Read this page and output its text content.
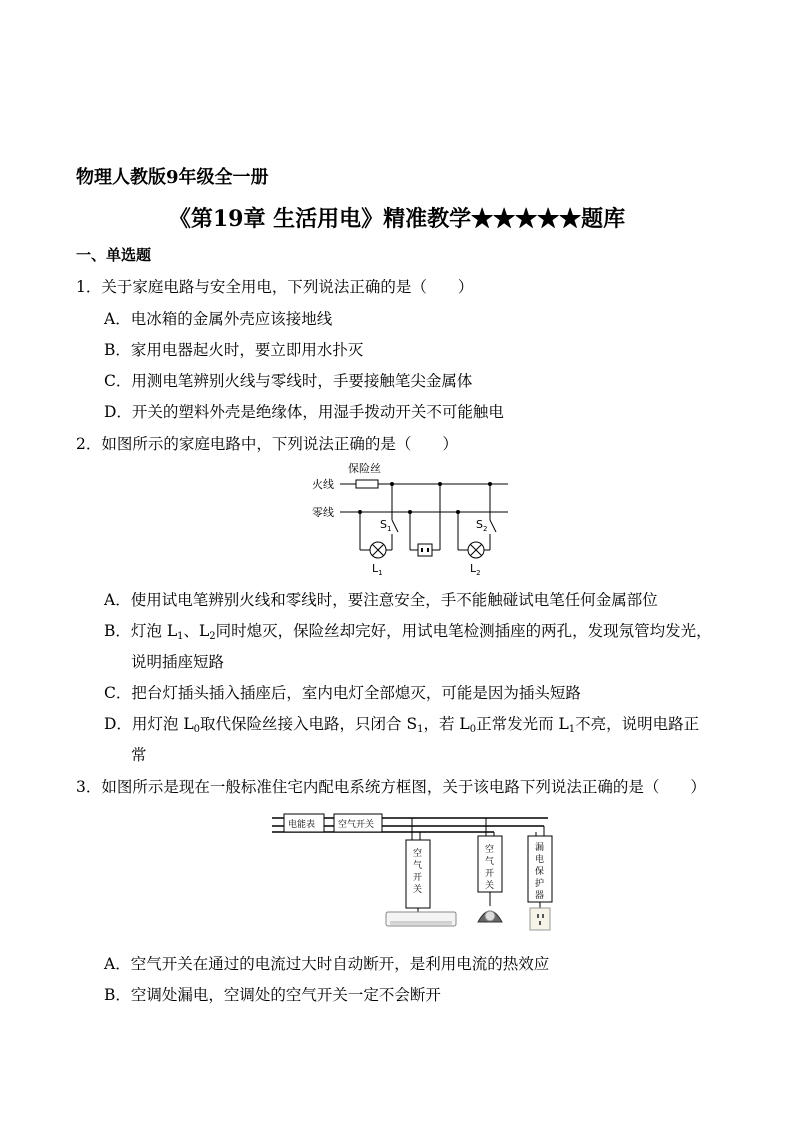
物理人教版9年级全一册
《第19章 生活用电》精准教学★★★★★题库
一、单选题
1．关于家庭电路与安全用电，下列说法正确的是（　　）
A．电冰箱的金属外壳应该接地线
B．家用电器起火时，要立即用水扑灭
C．用测电笔辨别火线与零线时，手要接触笔尖金属体
D．开关的塑料外壳是绝缘体，用湿手拨动开关不可能触电
2．如图所示的家庭电路中，下列说法正确的是（　　）
保险丝
火线
零线
$S_1$
$L_1$
$S_2$
$L_2$
A．使用试电笔辨别火线和零线时，要注意安全，手不能触碰试电笔任何金属部位
B．灯泡 $L_1$、$L_2$同时熄灭，保险丝却完好，用试电笔检测插座的两孔，发现氖管均发光，
说明插座短路
C．把台灯插头插入插座后，室内电灯全部熄灭，可能是因为插头短路
D．用灯泡 $L_0$取代保险丝接入电路，只闭合 $S_1$，若 $L_0$正常发光而 $L_1$不亮，说明电路正
常
3．如图所示是现在一般标准住宅内配电系统方框图，关于该电路下列说法正确的是（　　）
电能表	空气开关
空
气
开
关
空
气
开
关
漏
电
保
护
器
A．空气开关在通过的电流过大时自动断开，是利用电流的热效应
B．空调处漏电，空调处的空气开关一定不会断开
